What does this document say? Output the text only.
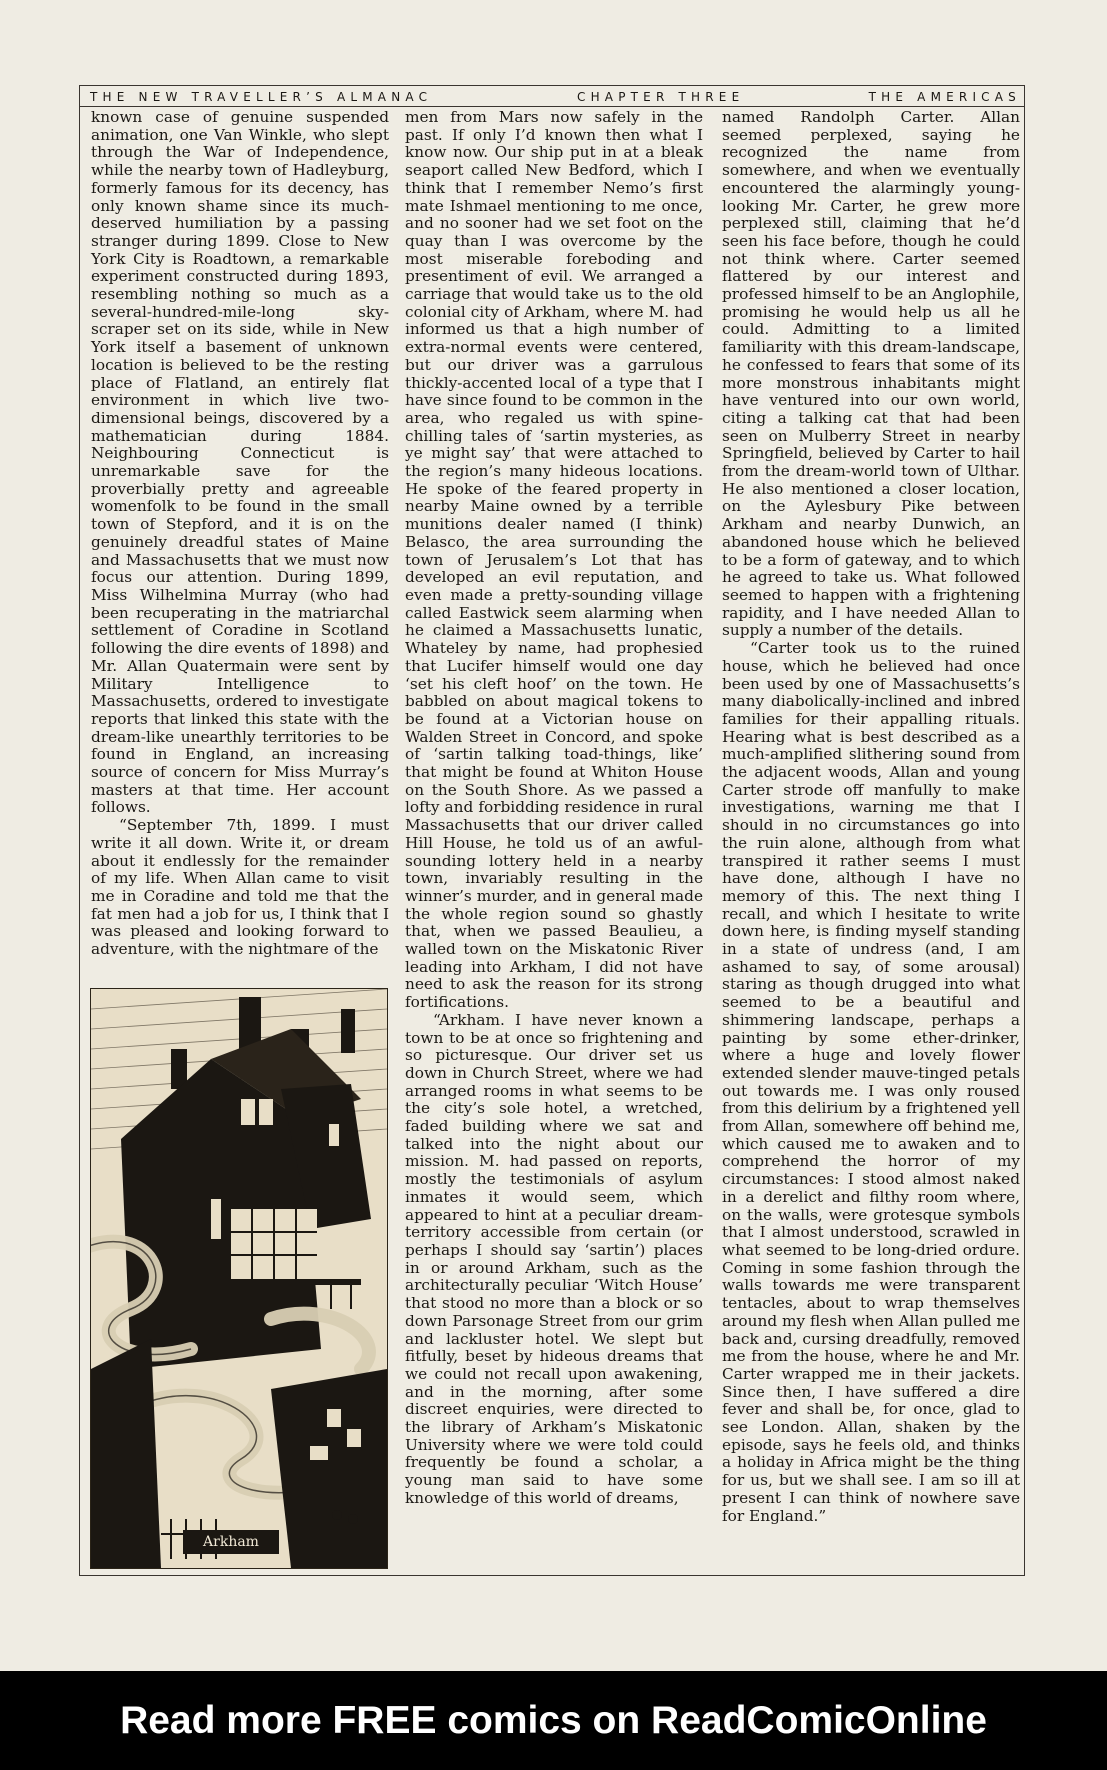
THE NEW TRAVELLER’S ALMANAC	CHAPTER THREE	THE AMERICAS

known case of genuine suspended animation, one Van Winkle, who slept through the War of Independence, while the nearby town of Hadleyburg, formerly famous for its decency, has only known shame since its much-deserved humiliation by a passing stranger during 1899. Close to New York City is Roadtown, a remarkable experiment constructed during 1893, resembling nothing so much as a several-hundred-mile-long sky-scraper set on its side, while in New York itself a basement of unknown location is believed to be the resting place of Flatland, an entirely flat environment in which live two-dimensional beings, discovered by a mathematician during 1884. Neighbouring Connecticut is unremarkable save for the proverbially pretty and agreeable womenfolk to be found in the small town of Stepford, and it is on the genuinely dreadful states of Maine and Massachusetts that we must now focus our attention. During 1899, Miss Wilhelmina Murray (who had been recuperating in the matriarchal settlement of Coradine in Scotland following the dire events of 1898) and Mr. Allan Quatermain were sent by Military Intelligence to Massachusetts, ordered to investigate reports that linked this state with the dream-like unearthly territories to be found in England, an increasing source of concern for Miss Murray’s masters at that time. Her account follows.

“September 7th, 1899. I must write it all down. Write it, or dream about it endlessly for the remainder of my life. When Allan came to visit me in Coradine and told me that the fat men had a job for us, I think that I was pleased and looking forward to adventure, with the nightmare of the

men from Mars now safely in the past. If only I’d known then what I know now. Our ship put in at a bleak seaport called New Bedford, which I think that I remember Nemo’s first mate Ishmael mentioning to me once, and no sooner had we set foot on the quay than I was overcome by the most miserable foreboding and presentiment of evil. We arranged a carriage that would take us to the old colonial city of Arkham, where M. had informed us that a high number of extra-normal events were centered, but our driver was a garrulous thickly-accented local of a type that I have since found to be common in the area, who regaled us with spine-chilling tales of ‘sartin mysteries, as ye might say’ that were attached to the region’s many hideous locations. He spoke of the feared property in nearby Maine owned by a terrible munitions dealer named (I think) Belasco, the area surrounding the town of Jerusalem’s Lot that has developed an evil reputation, and even made a pretty-sounding village called Eastwick seem alarming when he claimed a Massachusetts lunatic, Whateley by name, had prophesied that Lucifer himself would one day ‘set his cleft hoof’ on the town. He babbled on about magical tokens to be found at a Victorian house on Walden Street in Concord, and spoke of ‘sartin talking toad-things, like’ that might be found at Whiton House on the South Shore. As we passed a lofty and forbidding residence in rural Massachusetts that our driver called Hill House, he told us of an awful-sounding lottery held in a nearby town, invariably resulting in the winner’s murder, and in general made the whole region sound so ghastly that, when we passed Beaulieu, a walled town on the Miskatonic River leading into Arkham, I did not have need to ask the reason for its strong fortifications.

“Arkham. I have never known a town to be at once so frightening and so picturesque. Our driver set us down in Church Street, where we had arranged rooms in what seems to be the city’s sole hotel, a wretched, faded building where we sat and talked into the night about our mission. M. had passed on reports, mostly the testimonials of asylum inmates it would seem, which appeared to hint at a peculiar dream-territory accessible from certain (or perhaps I should say ‘sartin’) places in or around Arkham, such as the architecturally peculiar ‘Witch House’ that stood no more than a block or so down Parsonage Street from our grim and lackluster hotel. We slept but fitfully, beset by hideous dreams that we could not recall upon awakening, and in the morning, after some discreet enquiries, were directed to the library of Arkham’s Miskatonic University where we were told could frequently be found a scholar, a young man said to have some knowledge of this world of dreams,

named Randolph Carter. Allan seemed perplexed, saying he recognized the name from somewhere, and when we eventually encountered the alarmingly young-looking Mr. Carter, he grew more perplexed still, claiming that he’d seen his face before, though he could not think where. Carter seemed flattered by our interest and professed himself to be an Anglophile, promising he would help us all he could. Admitting to a limited familiarity with this dream-landscape, he confessed to fears that some of its more monstrous inhabitants might have ventured into our own world, citing a talking cat that had been seen on Mulberry Street in nearby Springfield, believed by Carter to hail from the dream-world town of Ulthar. He also mentioned a closer location, on the Aylesbury Pike between Arkham and nearby Dunwich, an abandoned house which he believed to be a form of gateway, and to which he agreed to take us. What followed seemed to happen with a frightening rapidity, and I have needed Allan to supply a number of the details.

“Carter took us to the ruined house, which he believed had once been used by one of Massachusetts’s many diabolically-inclined and inbred families for their appalling rituals. Hearing what is best described as a much-amplified slithering sound from the adjacent woods, Allan and young Carter strode off manfully to make investigations, warning me that I should in no circumstances go into the ruin alone, although from what transpired it rather seems I must have done, although I have no memory of this. The next thing I recall, and which I hesitate to write down here, is finding myself standing in a state of undress (and, I am ashamed to say, of some arousal) staring as though drugged into what seemed to be a beautiful and shimmering landscape, perhaps a painting by some ether-drinker, where a huge and lovely flower extended slender mauve-tinged petals out towards me. I was only roused from this delirium by a frightened yell from Allan, somewhere off behind me, which caused me to awaken and to comprehend the horror of my circumstances: I stood almost naked in a derelict and filthy room where, on the walls, were grotesque symbols that I almost understood, scrawled in what seemed to be long-dried ordure. Coming in some fashion through the walls towards me were transparent tentacles, about to wrap themselves around my flesh when Allan pulled me back and, cursing dreadfully, removed me from the house, where he and Mr. Carter wrapped me in their jackets. Since then, I have suffered a dire fever and shall be, for once, glad to see London. Allan, shaken by the episode, says he feels old, and thinks a holiday in Africa might be the thing for us, but we shall see. I am so ill at present I can think of nowhere save for England.”

Arkham
Read more FREE comics on ReadComicOnline
